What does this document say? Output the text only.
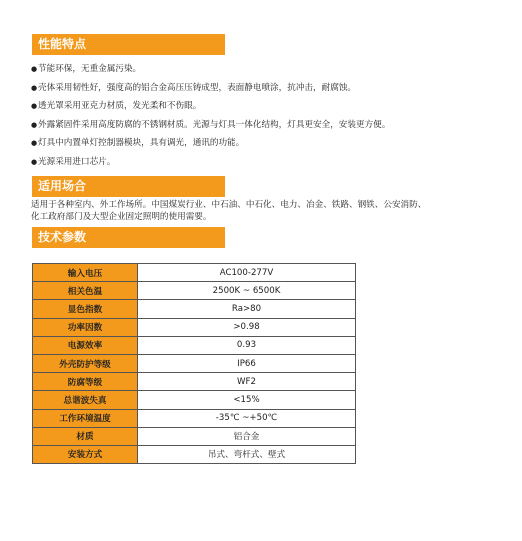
性能特点
●节能环保，无重金属污染。
●壳体采用韧性好，强度高的铝合金高压压铸成型，表面静电喷涂，抗冲击，耐腐蚀。
●透光罩采用亚克力材质，发光柔和不伤眼。
●外露紧固件采用高度防腐的不锈钢材质。光源与灯具一体化结构，灯具更安全，安装更方便。
●灯具中内置单灯控制器模块，具有调光，通讯的功能。
●光源采用进口芯片。
适用场合
适用于各种室内、外工作场所。中国煤炭行业、中石油、中石化、电力、冶金、铁路、钢铁、公安消防、
化工政府部门及大型企业固定照明的使用需要。
技术参数
输入电压	AC100-277V
相关色温	2500K ~ 6500K
显色指数	Ra>80
功率因数	>0.98
电源效率	0.93
外壳防护等级	IP66
防腐等级	WF2
总谐波失真	<15%
工作环境温度	-35℃ ~+50℃
材质	铝合金
安装方式	吊式、弯杆式、壁式
